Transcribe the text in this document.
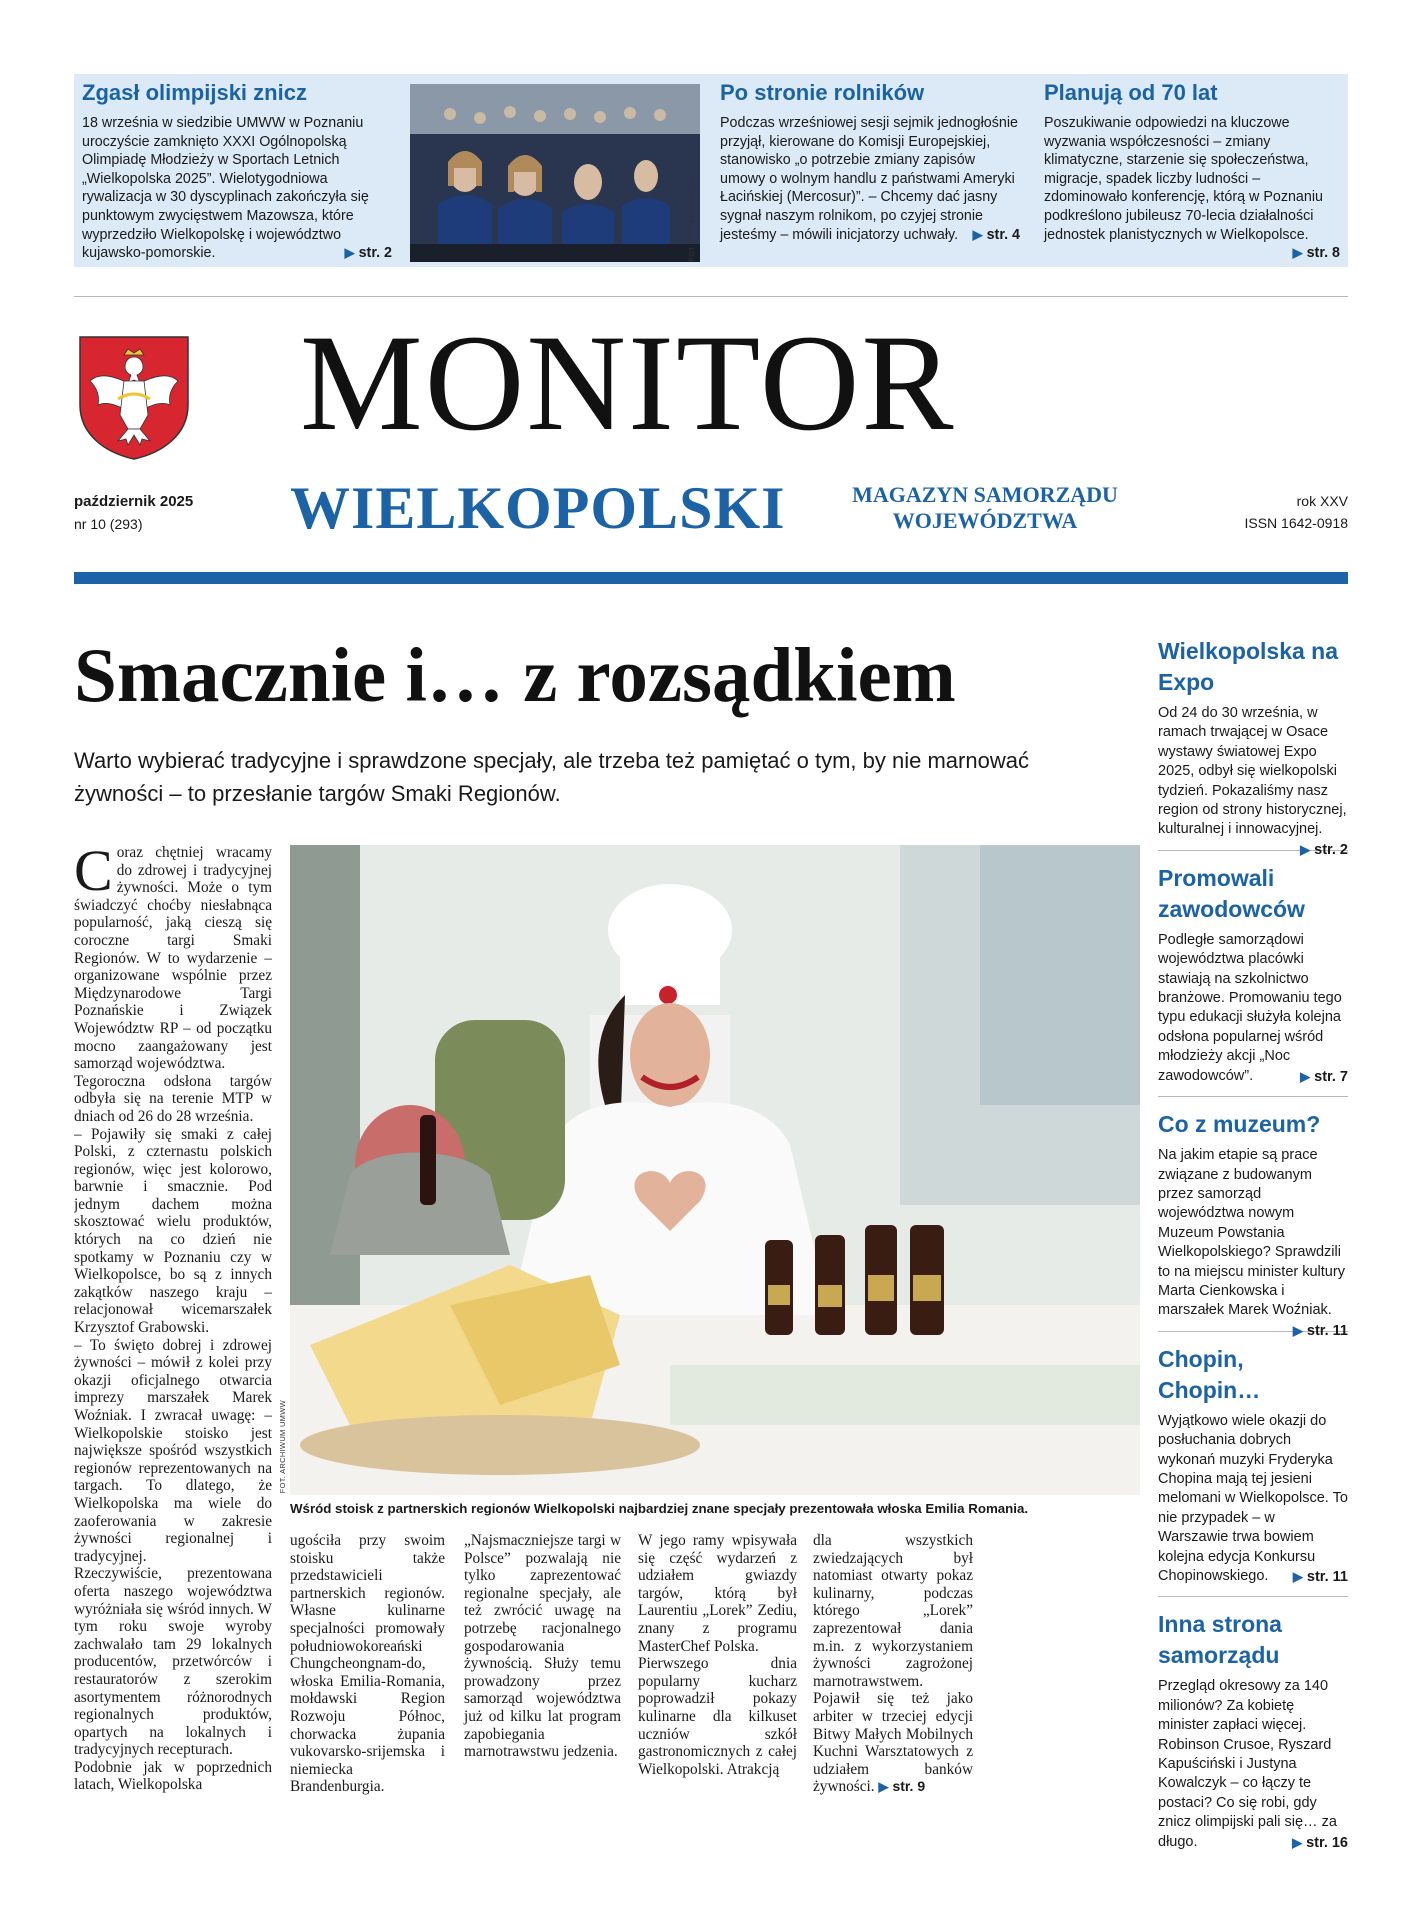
Zgasł olimpijski znicz

18 września w siedzibie UMWW w Poznaniu uroczyście zamknięto XXXI Ogólnopolską Olimpiadę Młodzieży w Sportach Letnich „Wielkopolska 2025”. Wielotygodniowa rywalizacja w 30 dyscyplinach zakończyła się punktowym zwycięstwem Mazowsza, które wyprzedziło Wielkopolskę i województwo kujawsko-pomorskie.	▶ str. 2	FOT. PIOTR RATAJCZAK
Po stronie rolników

Podczas wrześniowej sesji sejmik jednogłośnie przyjął, kierowane do Komisji Europejskiej, stanowisko „o potrzebie zmiany zapisów umowy o wolnym handlu z państwami Ameryki Łacińskiej (Mercosur)”. – Chcemy dać jasny sygnał naszym rolnikom, po czyjej stronie jesteśmy – mówili inicjatorzy uchwały. ▶ str. 4

Planują od 70 lat

Poszukiwanie odpowiedzi na kluczowe wyzwania współczesności – zmiany klimatyczne, starzenie się społeczeństwa, migracje, spadek liczby ludności – zdominowało konferencję, którą w Poznaniu podkreślono jubileusz 70-lecia działalności jednostek planistycznych w Wielkopolsce.
▶ str. 8

MONITOR
WIELKOPOLSKI	MAGAZYN SAMORZĄDU
WOJEWÓDZTWA
październik 2025
nr 10 (293)
rok XXV
ISSN 1642-0918
Smacznie i… z rozsądkiem

Warto wybierać tradycyjne i sprawdzone specjały, ale trzeba też pamiętać o tym, by nie marnować żywności – to przesłanie targów Smaki Regionów.

Coraz chętniej wracamy do zdrowej i tradycyjnej żywności. Może o tym świadczyć choćby niesłabnąca popularność, jaką cieszą się coroczne targi Smaki Regionów. W to wydarzenie – organizowane wspólnie przez Międzynarodowe Targi Poznańskie i Związek Województw RP – od początku mocno zaangażowany jest samorząd województwa.
Tegoroczna odsłona targów odbyła się na terenie MTP w dniach od 26 do 28 września.
– Pojawiły się smaki z całej Polski, z czternastu polskich regionów, więc jest kolorowo, barwnie i smacznie. Pod jednym dachem można skosztować wielu produktów, których na co dzień nie spotkamy w Poznaniu czy w Wielkopolsce, bo są z innych zakątków naszego kraju – relacjonował wicemarszałek Krzysztof Grabowski.
– To święto dobrej i zdrowej żywności – mówił z kolei przy okazji oficjalnego otwarcia imprezy marszałek Marek Woźniak. I zwracał uwagę: – Wielkopolskie stoisko jest największe spośród wszystkich regionów reprezentowanych na targach. To dlatego, że Wielkopolska ma wiele do zaoferowania w zakresie żywności regionalnej i tradycyjnej.
Rzeczywiście, prezentowana oferta naszego województwa wyróżniała się wśród innych. W tym roku swoje wyroby zachwalało tam 29 lokalnych producentów, przetwórców i restauratorów z szerokim asortymentem różnorodnych regionalnych produktów, opartych na lokalnych i tradycyjnych recepturach.
Podobnie jak w poprzednich latach, Wielkopolska
FOT. ARCHIWUM UMWW

Wśród stoisk z partnerskich regionów Wielkopolski najbardziej znane specjały prezentowała włoska Emilia Romania.

ugościła przy swoim stoisku także przedstawicieli partnerskich regionów. Własne kulinarne specjalności promowały południowokoreański Chungcheongnam-do, włoska Emilia-Romania, mołdawski Region Rozwoju Północ, chorwacka żupania vukovarsko-srijemska i niemiecka Brandenburgia.
„Najsmaczniejsze targi w Polsce” pozwalają nie tylko zaprezentować regionalne specjały, ale też zwrócić uwagę na potrzebę racjonalnego gospodarowania żywnością. Służy temu prowadzony przez samorząd województwa już od kilku lat program zapobiegania marnotrawstwu jedzenia.
W jego ramy wpisywała się część wydarzeń z udziałem gwiazdy targów, którą był Laurentiu „Lorek” Zediu, znany z programu MasterChef Polska.
Pierwszego dnia popularny kucharz poprowadził pokazy kulinarne dla kilkuset uczniów szkół gastronomicznych z całej Wielkopolski. Atrakcją
dla wszystkich zwiedzających był natomiast otwarty pokaz kulinarny, podczas którego „Lorek” zaprezentował dania m.in. z wykorzystaniem żywności zagrożonej marnotrawstwem. Pojawił się też jako arbiter w trzeciej edycji Bitwy Małych Mobilnych Kuchni Warsztatowych z udziałem banków żywności. ▶ str. 9
Wielkopolska na Expo

Od 24 do 30 września, w ramach trwającej w Osace wystawy światowej Expo 2025, odbył się wielkopolski tydzień. Pokazaliśmy nasz region od strony historycznej, kulturalnej i innowacyjnej.
▶ str. 2

Promowali zawodowców

Podległe samorządowi województwa placówki stawiają na szkolnictwo branżowe. Promowaniu tego typu edukacji służyła kolejna odsłona popularnej wśród młodzieży akcji „Noc zawodowców”.	▶ str. 7

Co z muzeum?

Na jakim etapie są prace związane z budowanym przez samorząd województwa nowym Muzeum Powstania Wielkopolskiego? Sprawdzili to na miejscu minister kultury Marta Cienkowska i marszałek Marek Woźniak.
▶ str. 11

Chopin, Chopin…

Wyjątkowo wiele okazji do posłuchania dobrych wykonań muzyki Fryderyka Chopina mają tej jesieni melomani w Wielkopolsce. To nie przypadek – w Warszawie trwa bowiem kolejna edycja Konkursu Chopinowskiego. ▶ str. 11

Inna strona samorządu

Przegląd okresowy za 140 milionów? Za kobietę minister zapłaci więcej. Robinson Crusoe, Ryszard Kapuściński i Justyna Kowalczyk – co łączy te postaci? Co się robi, gdy znicz olimpijski pali się… za długo.	▶ str. 16
